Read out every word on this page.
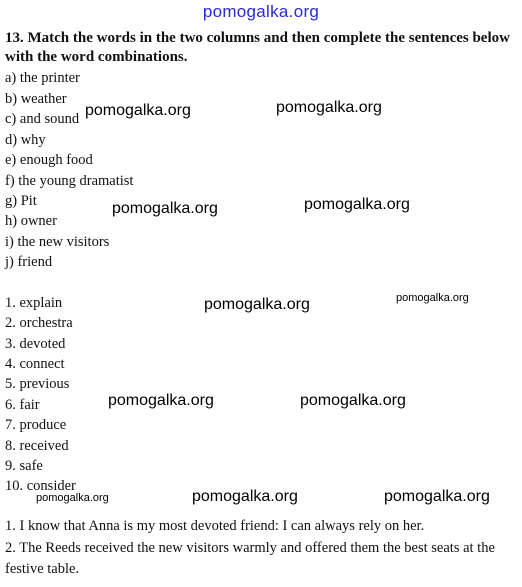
pomogalka.org
13. Match the words in the two columns and then complete the sentences below with the word combinations.
a) the printer
b) weather
c) and sound
d) why
e) enough food
f) the young dramatist
g) Pit
h) owner
i) the new visitors
j) friend
1. explain
2. orchestra
3. devoted
4. connect
5. previous
6. fair
7. produce
8. received
9. safe
10. consider
1. I know that Anna is my most devoted friend: I can always rely on her.
2. The Reeds received the new visitors warmly and offered them the best seats at the festive table.
pomogalka.org	pomogalka.org
pomogalka.org	pomogalka.org
pomogalka.org	pomogalka.org
pomogalka.org	pomogalka.org
pomogalka.org	pomogalka.org	pomogalka.org
